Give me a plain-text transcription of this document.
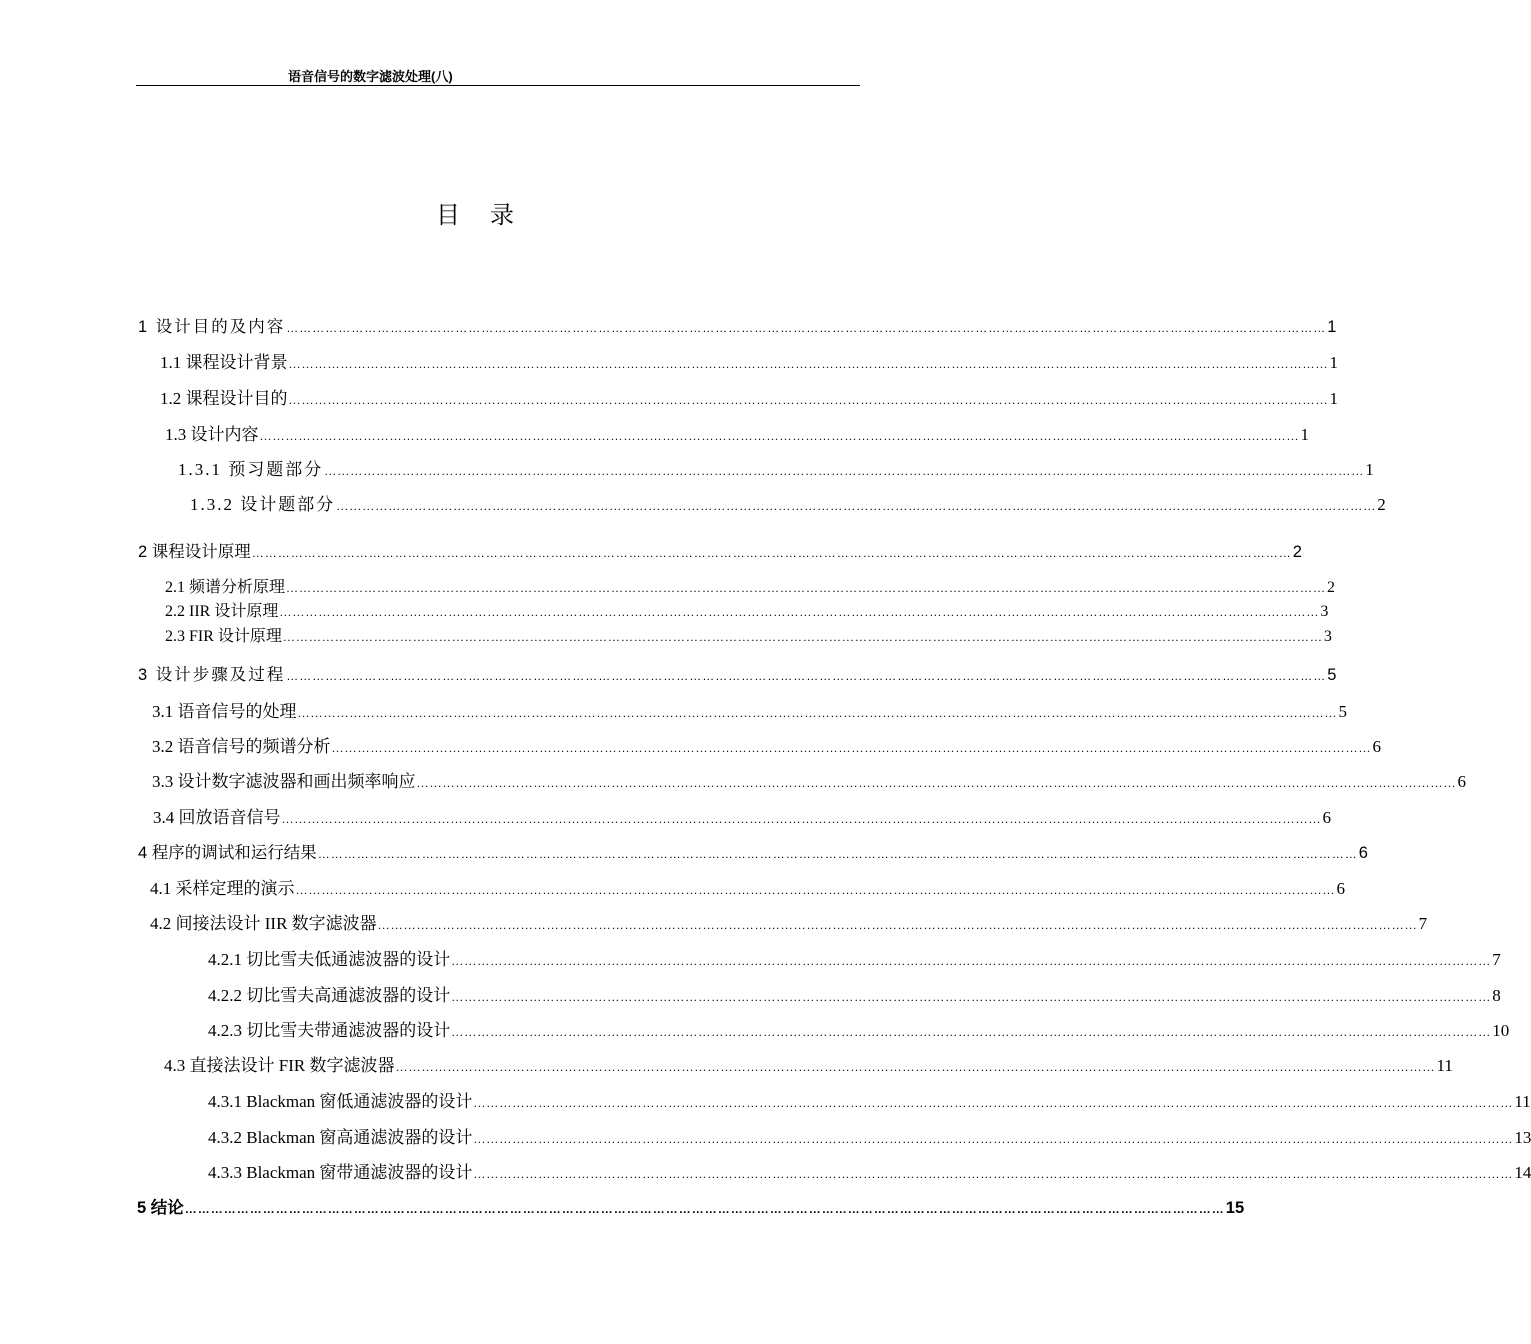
语音信号的数字滤波处理(八)
目录
1 设计目的及内容 …………………………………………………………………………………………………………………………………………………………………………………………………………………… 1
1.1 课程设计背景 …………………………………………………………………………………………………………………………………………………………………………………………………………………… 1
1.2 课程设计目的 …………………………………………………………………………………………………………………………………………………………………………………………………………………… 1
1.3 设计内容 …………………………………………………………………………………………………………………………………………………………………………………………………………………… 1
1.3.1 预习题部分 …………………………………………………………………………………………………………………………………………………………………………………………………………………… 1
1.3.2 设计题部分 …………………………………………………………………………………………………………………………………………………………………………………………………………………… 2
2 课程设计原理 …………………………………………………………………………………………………………………………………………………………………………………………………………………… 2
2.1 频谱分析原理 …………………………………………………………………………………………………………………………………………………………………………………………………………………… 2
2.2 IIR 设计原理 …………………………………………………………………………………………………………………………………………………………………………………………………………………… 3
2.3 FIR 设计原理 …………………………………………………………………………………………………………………………………………………………………………………………………………………… 3
3 设计步骤及过程 …………………………………………………………………………………………………………………………………………………………………………………………………………………… 5
3.1 语音信号的处理 …………………………………………………………………………………………………………………………………………………………………………………………………………………… 5
3.2 语音信号的频谱分析 …………………………………………………………………………………………………………………………………………………………………………………………………………………… 6
3.3 设计数字滤波器和画出频率响应 …………………………………………………………………………………………………………………………………………………………………………………………………………………… 6
3.4 回放语音信号 …………………………………………………………………………………………………………………………………………………………………………………………………………………… 6
4 程序的调试和运行结果 …………………………………………………………………………………………………………………………………………………………………………………………………………………… 6
4.1 采样定理的演示 …………………………………………………………………………………………………………………………………………………………………………………………………………………… 6
4.2 间接法设计 IIR 数字滤波器 …………………………………………………………………………………………………………………………………………………………………………………………………………………… 7
4.2.1 切比雪夫低通滤波器的设计 …………………………………………………………………………………………………………………………………………………………………………………………………………………… 7
4.2.2 切比雪夫高通滤波器的设计 …………………………………………………………………………………………………………………………………………………………………………………………………………………… 8
4.2.3 切比雪夫带通滤波器的设计 …………………………………………………………………………………………………………………………………………………………………………………………………………………… 10
4.3 直接法设计 FIR 数字滤波器 …………………………………………………………………………………………………………………………………………………………………………………………………………………… 11
4.3.1 Blackman 窗低通滤波器的设计 …………………………………………………………………………………………………………………………………………………………………………………………………………………… 11
4.3.2 Blackman 窗高通滤波器的设计 …………………………………………………………………………………………………………………………………………………………………………………………………………………… 13
4.3.3 Blackman 窗带通滤波器的设计 …………………………………………………………………………………………………………………………………………………………………………………………………………………… 14
5 结论 …………………………………………………………………………………………………………………………………………………………………………………………………………………… 15
